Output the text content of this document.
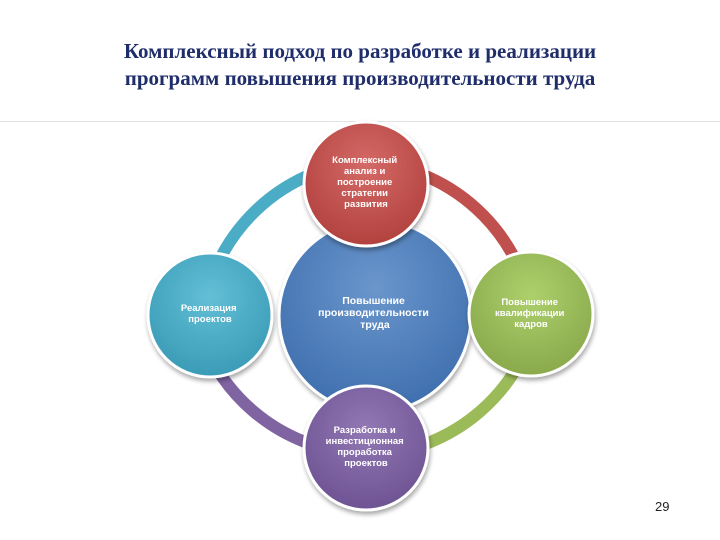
Комплексный подход по разработке и реализации
программ повышения производительности труда
Повышение производительности труда
Комплексный анализ и построение стратегии развития
Реализация проектов
Повышение квалификации кадров
Разработка и инвестиционная проработка проектов
29
